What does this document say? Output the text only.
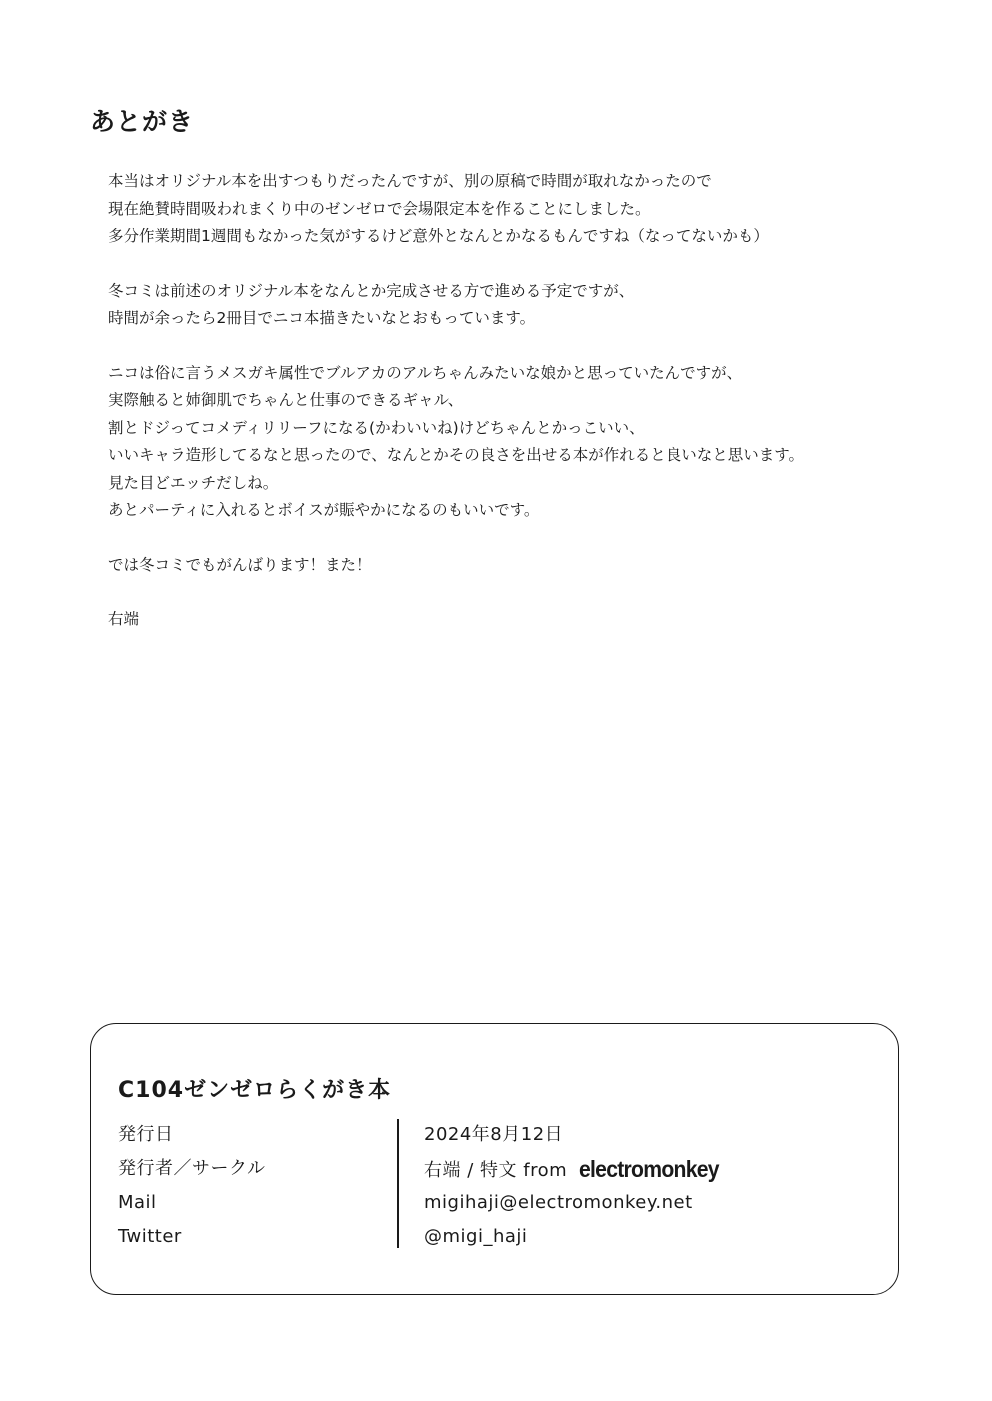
あとがき

本当はオリジナル本を出すつもりだったんですが、別の原稿で時間が取れなかったので
現在絶賛時間吸われまくり中のゼンゼロで会場限定本を作ることにしました。
多分作業期間1週間もなかった気がするけど意外となんとかなるもんですね（なってないかも）

冬コミは前述のオリジナル本をなんとか完成させる方で進める予定ですが、
時間が余ったら2冊目でニコ本描きたいなとおもっています。

ニコは俗に言うメスガキ属性でブルアカのアルちゃんみたいな娘かと思っていたんですが、
実際触ると姉御肌でちゃんと仕事のできるギャル、
割とドジってコメディリリーフになる(かわいいね)けどちゃんとかっこいい、
いいキャラ造形してるなと思ったので、なんとかその良さを出せる本が作れると良いなと思います。
見た目どエッチだしね。
あとパーティに入れるとボイスが賑やかになるのもいいです。

では冬コミでもがんばります！また！

右端

C104ゼンゼロらくがき本
発行日
発行者／サークル
Mail
Twitter
2024年8月12日
右端 / 特文 from electromonkey
migihaji@electromonkey.net
@migi_haji
